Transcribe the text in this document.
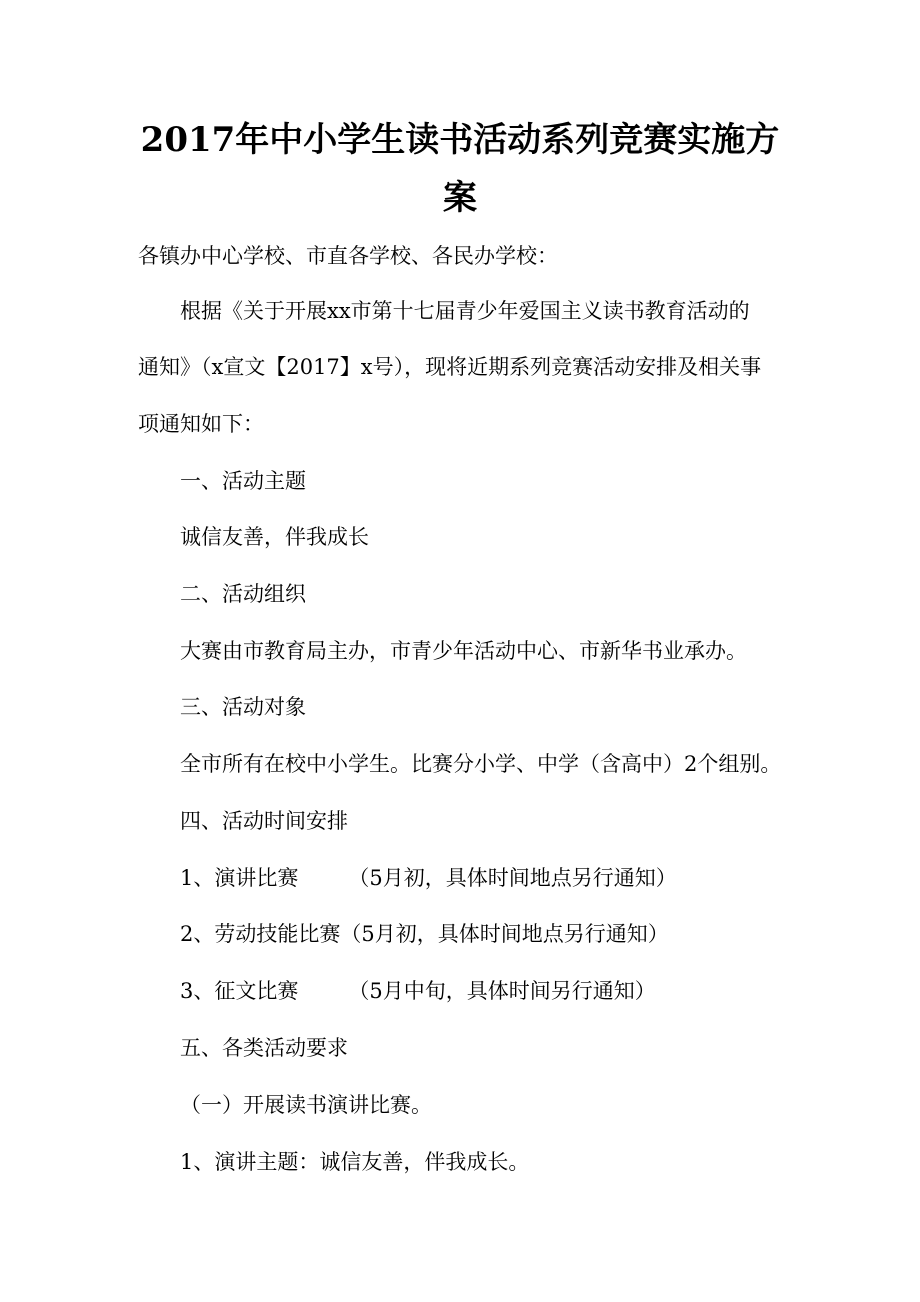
2017年中小学生读书活动系列竞赛实施方
案

各镇办中心学校、市直各学校、各民办学校：

根据《关于开展xx市第十七届青少年爱国主义读书教育活动的

通知》（x宣文【2017】x号），现将近期系列竞赛活动安排及相关事

项通知如下：

一、活动主题

诚信友善，伴我成长

二、活动组织

大赛由市教育局主办，市青少年活动中心、市新华书业承办。

三、活动对象

全市所有在校中小学生。比赛分小学、中学（含高中）2个组别。

四、活动时间安排

1、演讲比赛 （5月初，具体时间地点另行通知）

2、劳动技能比赛（5月初，具体时间地点另行通知）

3、征文比赛 （5月中旬，具体时间另行通知）

五、各类活动要求

（一）开展读书演讲比赛。

1、演讲主题：诚信友善，伴我成长。
